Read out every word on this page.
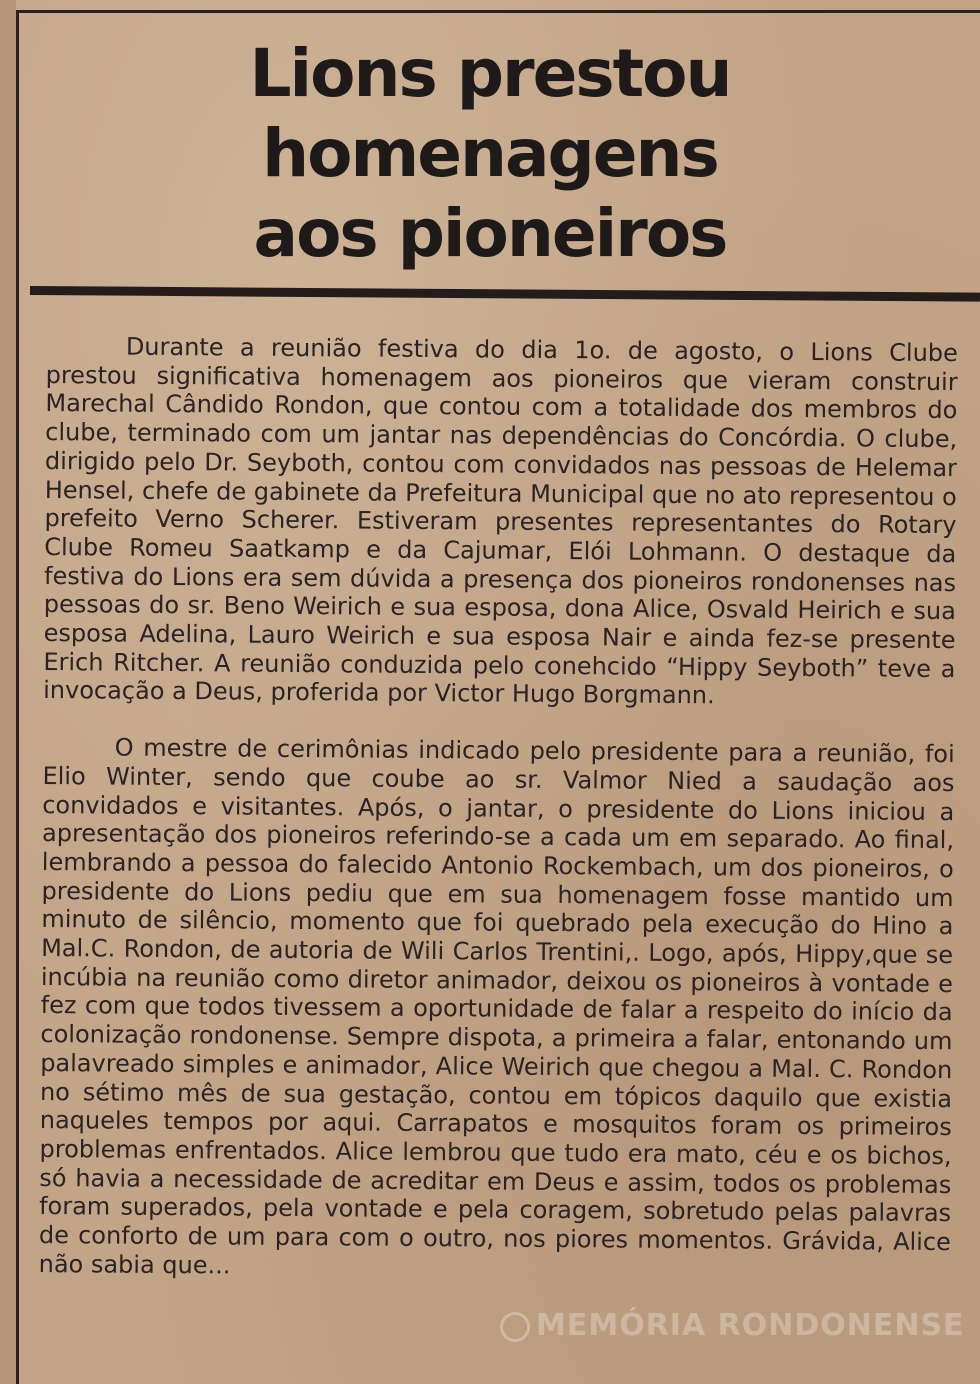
Lions prestou
homenagens
aos pioneiros

Durante a reunião festiva do dia 1o. de agosto, o Lions Clube prestou significativa homenagem aos pioneiros que vieram construir Marechal Cândido Rondon, que contou com a totalidade dos membros do clube, terminado com um jantar nas dependências do Concórdia. O clube, dirigido pelo Dr. Seyboth, contou com convidados nas pessoas de Helemar Hensel, chefe de gabinete da Prefeitura Municipal que no ato representou o prefeito Verno Scherer. Estiveram presentes representantes do Rotary Clube Romeu Saatkamp e da Cajumar, Elói Lohmann. O destaque da festiva do Lions era sem dúvida a presença dos pioneiros rondonenses nas pessoas do sr. Beno Weirich e sua esposa, dona Alice, Osvald Heirich e sua esposa Adelina, Lauro Weirich e sua esposa Nair e ainda fez-se presente Erich Ritcher. A reunião conduzida pelo conehcido “Hippy Seyboth” teve a invocação a Deus, proferida por Victor Hugo Borgmann.

O mestre de cerimônias indicado pelo presidente para a reunião, foi Elio Winter, sendo que coube ao sr. Valmor Nied a saudação aos convidados e visitantes. Após, o jantar, o presidente do Lions iniciou a apresentação dos pioneiros referindo-se a cada um em separado. Ao final, lembrando a pessoa do falecido Antonio Rockembach, um dos pioneiros, o presidente do Lions pediu que em sua homenagem fosse mantido um minuto de silêncio, momento que foi quebrado pela execução do Hino a Mal.C. Rondon, de autoria de Wili Carlos Trentini,. Logo, após, Hippy,que se incúbia na reunião como diretor animador, deixou os pioneiros à vontade e fez com que todos tivessem a oportunidade de falar a respeito do início da colonização rondonense. Sempre dispota, a primeira a falar, entonando um palavreado simples e animador, Alice Weirich que chegou a Mal. C. Rondon no sétimo mês de sua gestação, contou em tópicos daquilo que existia naqueles tempos por aqui. Carrapatos e mosquitos foram os primeiros problemas enfrentados. Alice lembrou que tudo era mato, céu e os bichos, só havia a necessidade de acreditar em Deus e assim, todos os problemas foram superados, pela vontade e pela coragem, sobretudo pelas palavras de conforto de um para com o outro, nos piores momentos. Grávida, Alice não sabia que...

MEMÓRIA RONDONENSE
